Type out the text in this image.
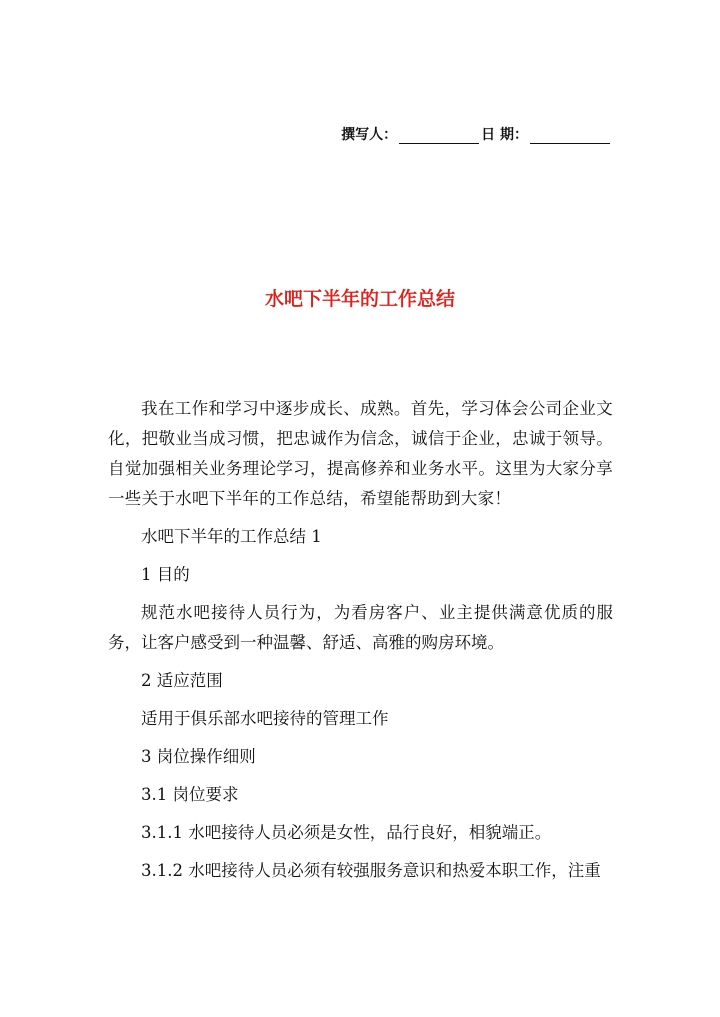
撰写人：	日 期：
水吧下半年的工作总结

我在工作和学习中逐步成长、成熟。首先，学习体会公司企业文化，把敬业当成习惯，把忠诚作为信念，诚信于企业，忠诚于领导。自觉加强相关业务理论学习，提高修养和业务水平。这里为大家分享一些关于水吧下半年的工作总结，希望能帮助到大家！

水吧下半年的工作总结 1

1 目的

规范水吧接待人员行为，为看房客户、业主提供满意优质的服务，让客户感受到一种温馨、舒适、高雅的购房环境。

2 适应范围

适用于俱乐部水吧接待的管理工作

3 岗位操作细则

3.1 岗位要求

3.1.1 水吧接待人员必须是女性，品行良好，相貌端正。

3.1.2 水吧接待人员必须有较强服务意识和热爱本职工作，注重
